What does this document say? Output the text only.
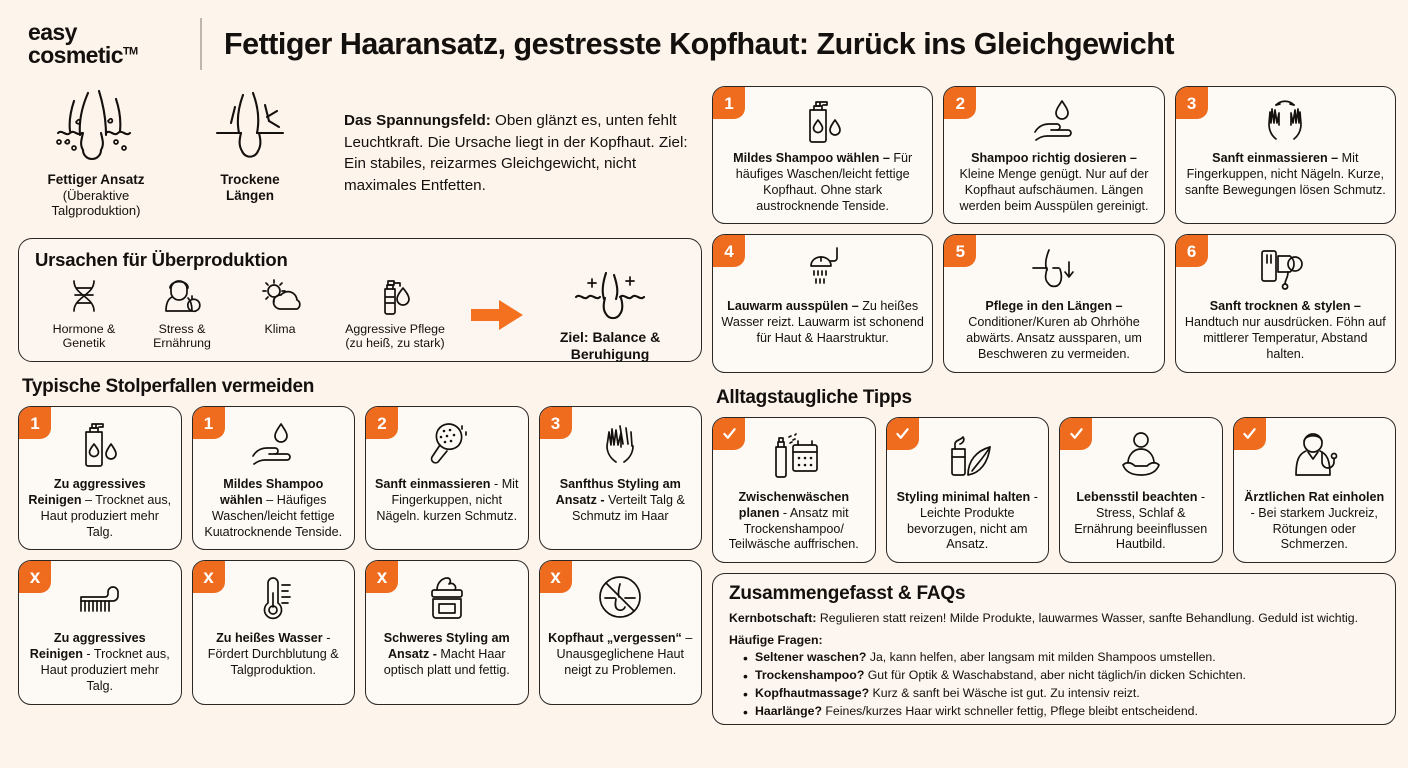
easy
cosmetic™	Fettiger Haaransatz, gestresste Kopfhaut: Zurück ins Gleichgewicht
Fettiger Ansatz
(Überaktive Talgproduktion)
Trockene
Längen
Das Spannungsfeld: Oben glänzt es, unten fehlt Leuchtkraft. Die Ursache liegt in der Kopfhaut. Ziel: Ein stabiles, reizarmes Gleichgewicht, nicht maximales Entfetten.
Ursachen für Überproduktion
Hormone &
Genetik
Stress &
Ernährung
Klima	Aggressive Pflege
(zu heiß, zu stark)	Ziel: Balance &
Beruhigung
Typische Stolperfallen vermeiden
1
Zu aggressives Reinigen – Trocknet aus, Haut produziert mehr Talg.
1
Mildes Shampoo wählen – Häufiges Waschen/leicht fettige Kuɩatrocknende Tenside.
2
Sanft einmassieren - Mit Fingerkuppen, nicht Nägeln. kurzen Schmutz.
3
Sanfthus Styling am Ansatz - Verteilt Talg & Schmutz im Haar
x
Zu aggressives Reinigen - Trocknet aus, Haut produziert mehr Talg.
x
Zu heißes Wasser - Fördert Durchblutung & Talgproduktion.
x
Schweres Styling am Ansatz - Macht Haar optisch platt und fettig.
x
Kopfhaut „vergessen“ – Unausgeglichene Haut neigt zu Problemen.
1
Mildes Shampoo wählen – Für häufiges Waschen/leicht fettige Kopfhaut. Ohne stark austrocknende Tenside.
2
Shampoo richtig dosieren – Kleine Menge genügt. Nur auf der Kopfhaut aufschäumen. Längen werden beim Ausspülen gereinigt.
3
Sanft einmassieren – Mit Fingerkuppen, nicht Nägeln. Kurze, sanfte Bewegungen lösen Schmutz.
4
Lauwarm ausspülen – Zu heißes Wasser reizt. Lauwarm ist schonend für Haut & Haarstruktur.
5
Pflege in den Längen – Conditioner/Kuren ab Ohrhöhe abwärts. Ansatz aussparen, um Beschweren zu vermeiden.
6
Sanft trocknen & stylen – Handtuch nur ausdrücken. Föhn auf mittlerer Temperatur, Abstand halten.
Alltagstaugliche Tipps
Zwischenwäschen planen - Ansatz mit Trockenshampoo/ Teilwäsche auffrischen.
Styling minimal halten - Leichte Produkte bevorzugen, nicht am Ansatz.
Lebensstil beachten - Stress, Schlaf & Ernährung beeinflussen Hautbild.
Ärztlichen Rat einholen - Bei starkem Juckreiz, Rötungen oder Schmerzen.
Zusammengefasst & FAQs

Kernbotschaft: Regulieren statt reizen! Milde Produkte, lauwarmes Wasser, sanfte Behandlung. Geduld ist wichtig.

Häufige Fragen:
• Seltener waschen? Ja, kann helfen, aber langsam mit milden Shampoos umstellen.
• Trockenshampoo? Gut für Optik & Waschabstand, aber nicht täglich/in dicken Schichten.
• Kopfhautmassage? Kurz & sanft bei Wäsche ist gut. Zu intensiv reizt.
• Haarlänge? Feines/kurzes Haar wirkt schneller fettig, Pflege bleibt entscheidend.
